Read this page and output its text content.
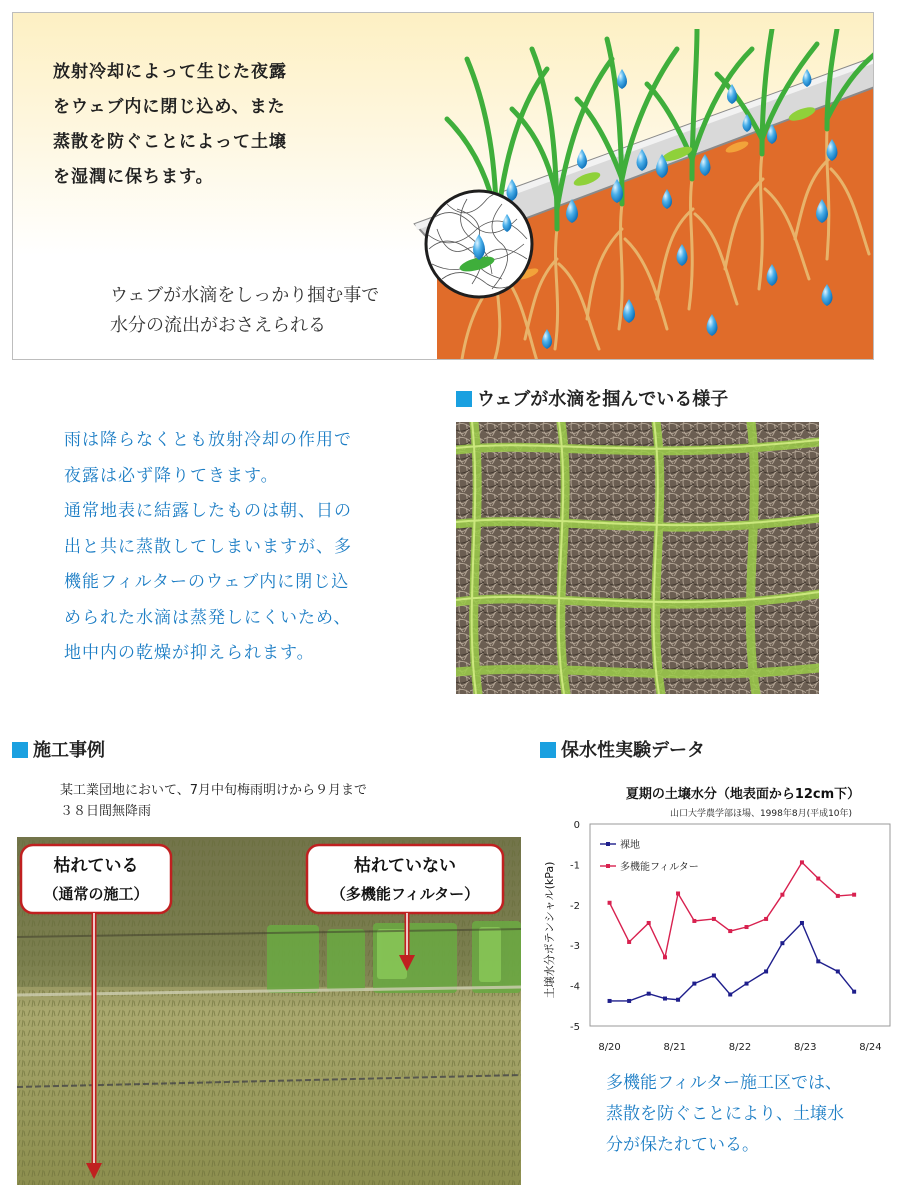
放射冷却によって生じた夜露
をウェブ内に閉じ込め、また
蒸散を防ぐことによって土壌
を湿潤に保ちます。
ウェブが水滴をしっかり掴む事で
水分の流出がおさえられる
ウェブが水滴を掴んでいる様子
雨は降らなくとも放射冷却の作用で
夜露は必ず降りてきます。
通常地表に結露したものは朝、日の
出と共に蒸散してしまいますが、多
機能フィルターのウェブ内に閉じ込
められた水滴は蒸発しにくいため、
地中内の乾燥が抑えられます。
施工事例
某工業団地において、7月中旬梅雨明けから９月まで
３８日間無降雨
枯れている
（通常の施工）
枯れていない
（多機能フィルター）
保水性実験データ
夏期の土壌水分（地表面から12cm下）
山口大学農学部ほ場、1998年8月(平成10年)
土壌水分ポテンシャル(kPa)
0
-1
-2
-3
-4
-5
8/20	8/21	8/22	8/23	8/24
裸地
多機能フィルター
多機能フィルター施工区では、
蒸散を防ぐことにより、土壌水
分が保たれている。
